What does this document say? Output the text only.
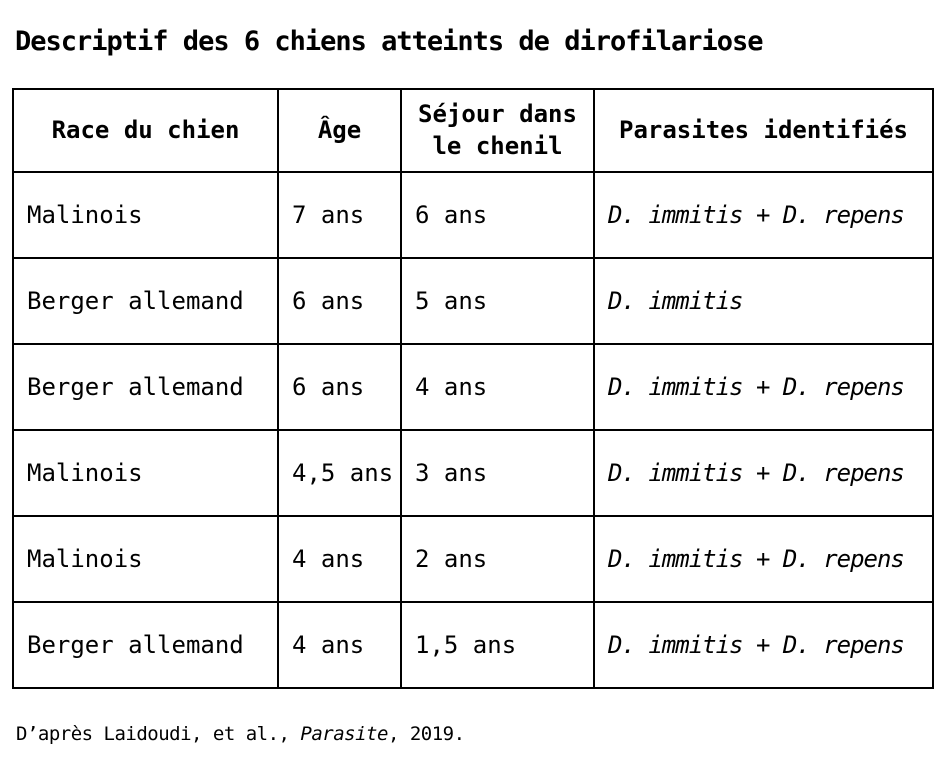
Descriptif des 6 chiens atteints de dirofilariose
Race du chien	Âge	Séjour dans le chenil	Parasites identifiés
Malinois	7 ans	6 ans	D. immitis + D. repens
Berger allemand	6 ans	5 ans	D. immitis
Berger allemand	6 ans	4 ans	D. immitis + D. repens
Malinois	4,5 ans	3 ans	D. immitis + D. repens
Malinois	4 ans	2 ans	D. immitis + D. repens
Berger allemand	4 ans	1,5 ans	D. immitis + D. repens

D’après Laidoudi, et al., Parasite, 2019.
